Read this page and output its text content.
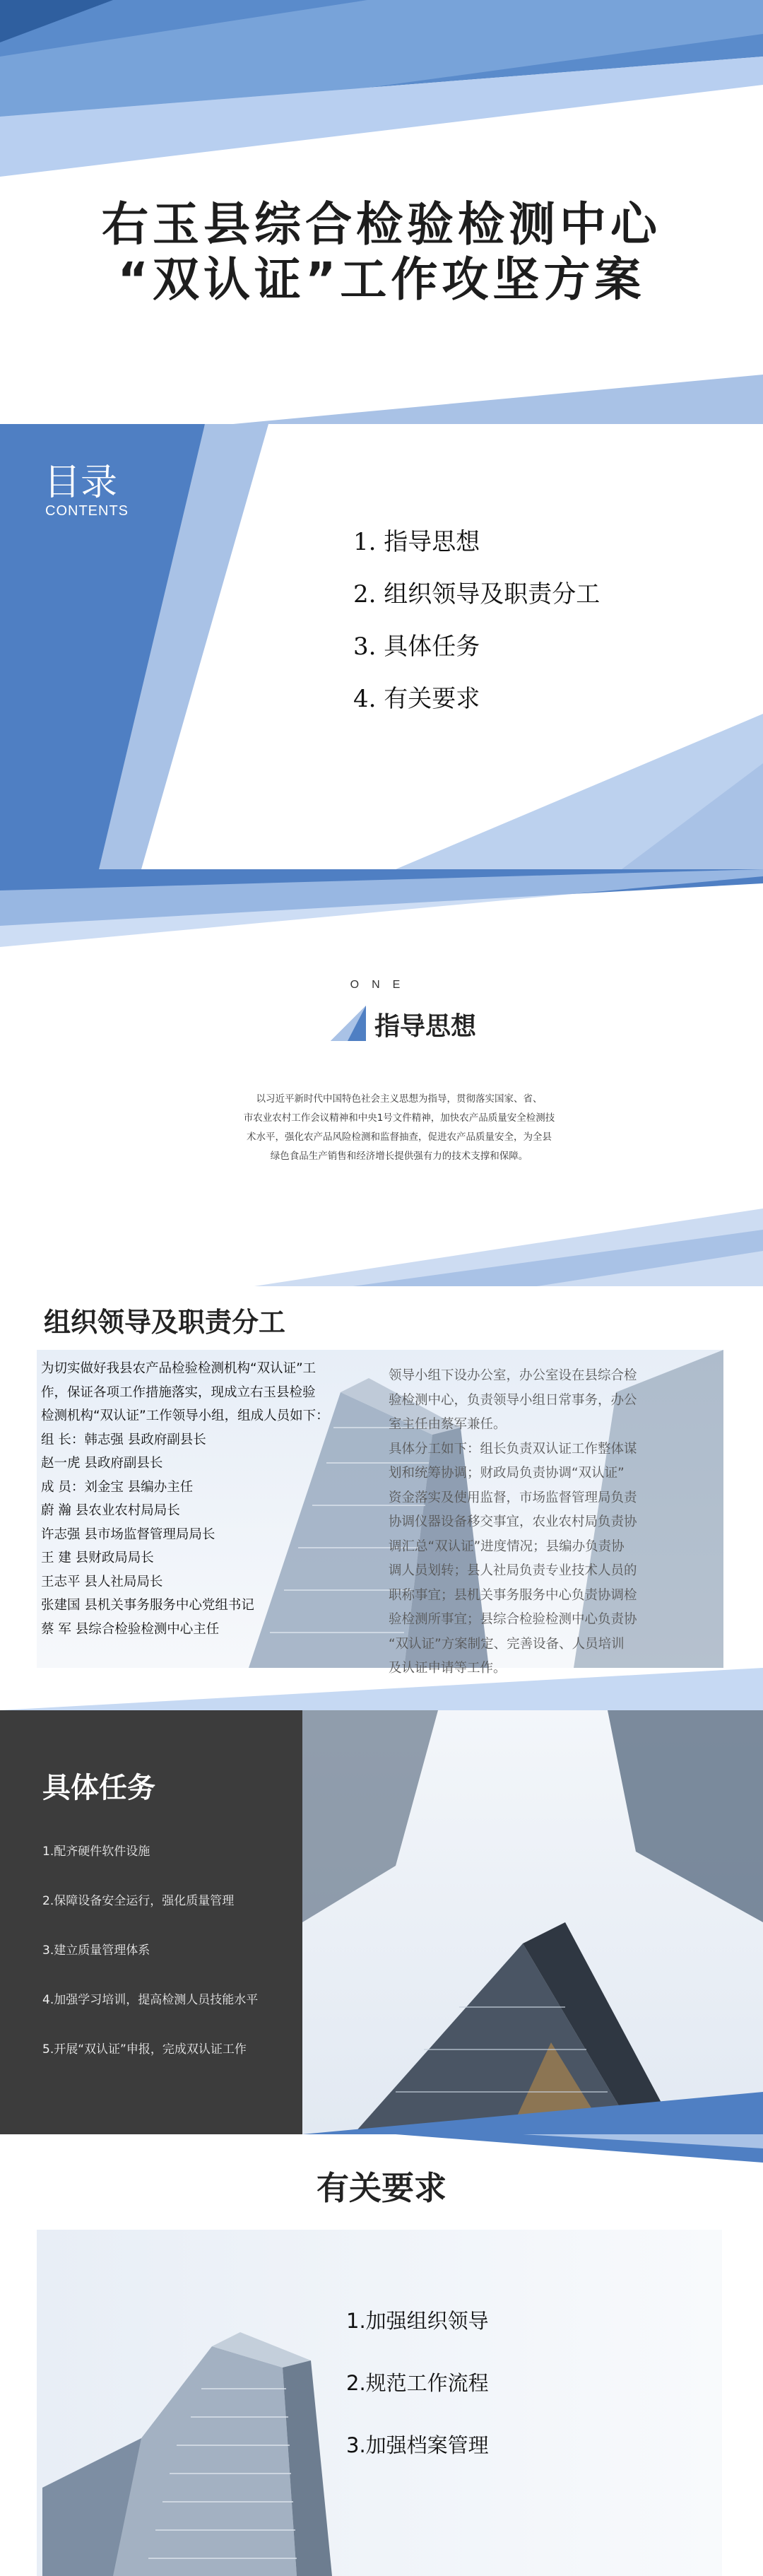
右玉县综合检验检测中心
“双认证”工作攻坚方案
目录
CONTENTS
1. 指导思想
2. 组织领导及职责分工
3. 具体任务
4. 有关要求
ONE
指导思想
以习近平新时代中国特色社会主义思想为指导，贯彻落实国家、省、
市农业农村工作会议精神和中央1号文件精神，加快农产品质量安全检测技
术水平，强化农产品风险检测和监督抽查，促进农产品质量安全，为全县
绿色食品生产销售和经济增长提供强有力的技术支撑和保障。
组织领导及职责分工

为切实做好我县农产品检验检测机构“双认证”工

作，保证各项工作措施落实，现成立右玉县检验

检测机构“双认证”工作领导小组，组成人员如下：

组 长：韩志强 县政府副县长

赵一虎 县政府副县长

成 员：刘金宝 县编办主任

蔚 瀚 县农业农村局局长

许志强 县市场监督管理局局长

王 建 县财政局局长

王志平 县人社局局长

张建国 县机关事务服务中心党组书记

蔡 军 县综合检验检测中心主任

领导小组下设办公室，办公室设在县综合检

验检测中心，负责领导小组日常事务，办公

室主任由蔡军兼任。

具体分工如下：组长负责双认证工作整体谋

划和统筹协调；财政局负责协调“双认证”

资金落实及使用监督，市场监督管理局负责

协调仪器设备移交事宜，农业农村局负责协

调汇总“双认证”进度情况；县编办负责协

调人员划转；县人社局负责专业技术人员的

职称事宜；县机关事务服务中心负责协调检

验检测所事宜；县综合检验检测中心负责协

“双认证”方案制定、完善设备、人员培训

及认证申请等工作。

具体任务
1.配齐硬件软件设施
2.保障设备安全运行，强化质量管理
3.建立质量管理体系
4.加强学习培训，提高检测人员技能水平
5.开展“双认证”申报，完成双认证工作
有关要求
1.加强组织领导
2.规范工作流程
3.加强档案管理
